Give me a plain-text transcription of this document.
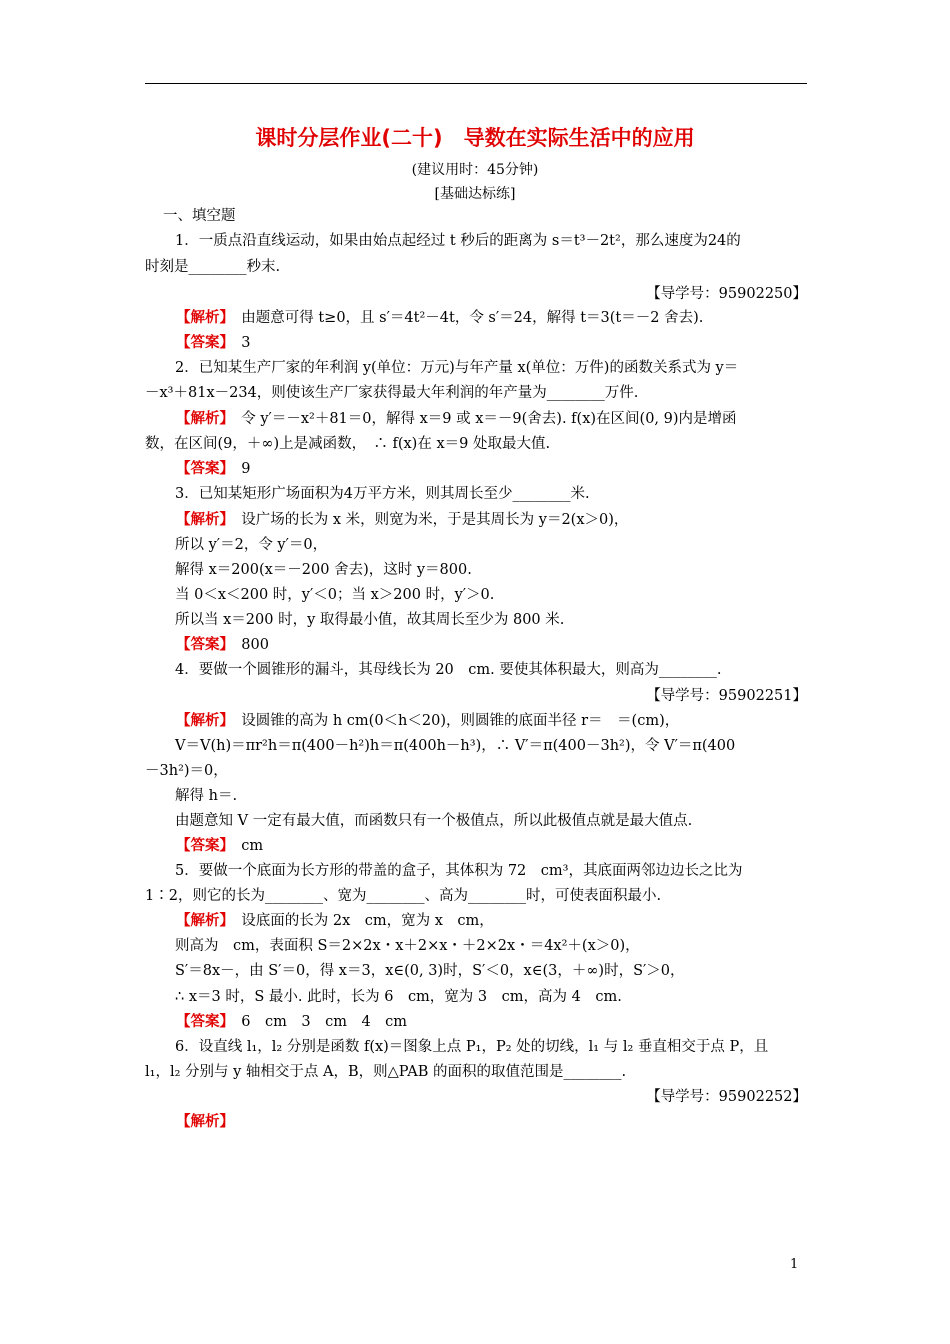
课时分层作业(二十)　导数在实际生活中的应用
(建议用时：45分钟)
[基础达标练]
一、填空题
1．一质点沿直线运动，如果由始点起经过 t 秒后的距离为 s＝t³－2t²，那么速度为24的
时刻是________秒末.
【导学号：95902250】
【解析】　 由题意可得 t≥0，且 s′＝4t²－4t，令 s′＝24，解得 t＝3(t＝－2 舍去).
【答案】　 3
2．已知某生产厂家的年利润 y(单位：万元)与年产量 x(单位：万件)的函数关系式为 y＝
－x³＋81x－234，则使该生产厂家获得最大年利润的年产量为________万件.
【解析】　 令 y′＝－x²＋81＝0，解得 x＝9 或 x＝－9(舍去). f(x)在区间(0, 9)内是增函
数，在区间(9，＋∞)上是减函数，　∴ f(x)在 x＝9 处取最大值.
【答案】　 9
3．已知某矩形广场面积为4万平方米，则其周长至少________米.
【解析】　 设广场的长为 x 米，则宽为米，于是其周长为 y＝2(x＞0)，
所以 y′＝2，令 y′＝0，
解得 x＝200(x＝－200 舍去)，这时 y＝800.
当 0＜x＜200 时，y′＜0；当 x＞200 时，y′＞0.
所以当 x＝200 时，y 取得最小值，故其周长至少为 800 米.
【答案】　 800
4．要做一个圆锥形的漏斗，其母线长为 20　cm. 要使其体积最大，则高为________.
【导学号：95902251】
【解析】　 设圆锥的高为 h cm(0＜h＜20)，则圆锥的底面半径 r＝　＝(cm)，
V＝V(h)＝πr²h＝π(400－h²)h＝π(400h－h³)，∴ V′＝π(400－3h²)，令 V′＝π(400
－3h²)＝0，
解得 h＝.
由题意知 V 一定有最大值，而函数只有一个极值点，所以此极值点就是最大值点.
【答案】　 cm
5．要做一个底面为长方形的带盖的盒子，其体积为 72　cm³，其底面两邻边边长之比为
1∶2，则它的长为________、宽为________、高为________时，可使表面积最小.
【解析】　 设底面的长为 2x　cm，宽为 x　cm，
则高为　cm，表面积 S＝2×2x・x＋2×x・＋2×2x・＝4x²＋(x＞0)，
S′＝8x－，由 S′＝0，得 x＝3，x∈(0, 3)时，S′＜0，x∈(3，＋∞)时，S′＞0，
∴ x＝3 时，S 最小. 此时，长为 6　cm，宽为 3　cm，高为 4　cm.
【答案】　 6　cm　3　cm　4　cm
6．设直线 l₁，l₂ 分别是函数 f(x)＝图象上点 P₁，P₂ 处的切线，l₁ 与 l₂ 垂直相交于点 P，且
l₁，l₂ 分别与 y 轴相交于点 A，B，则△PAB 的面积的取值范围是________.
【导学号：95902252】
【解析】
1
